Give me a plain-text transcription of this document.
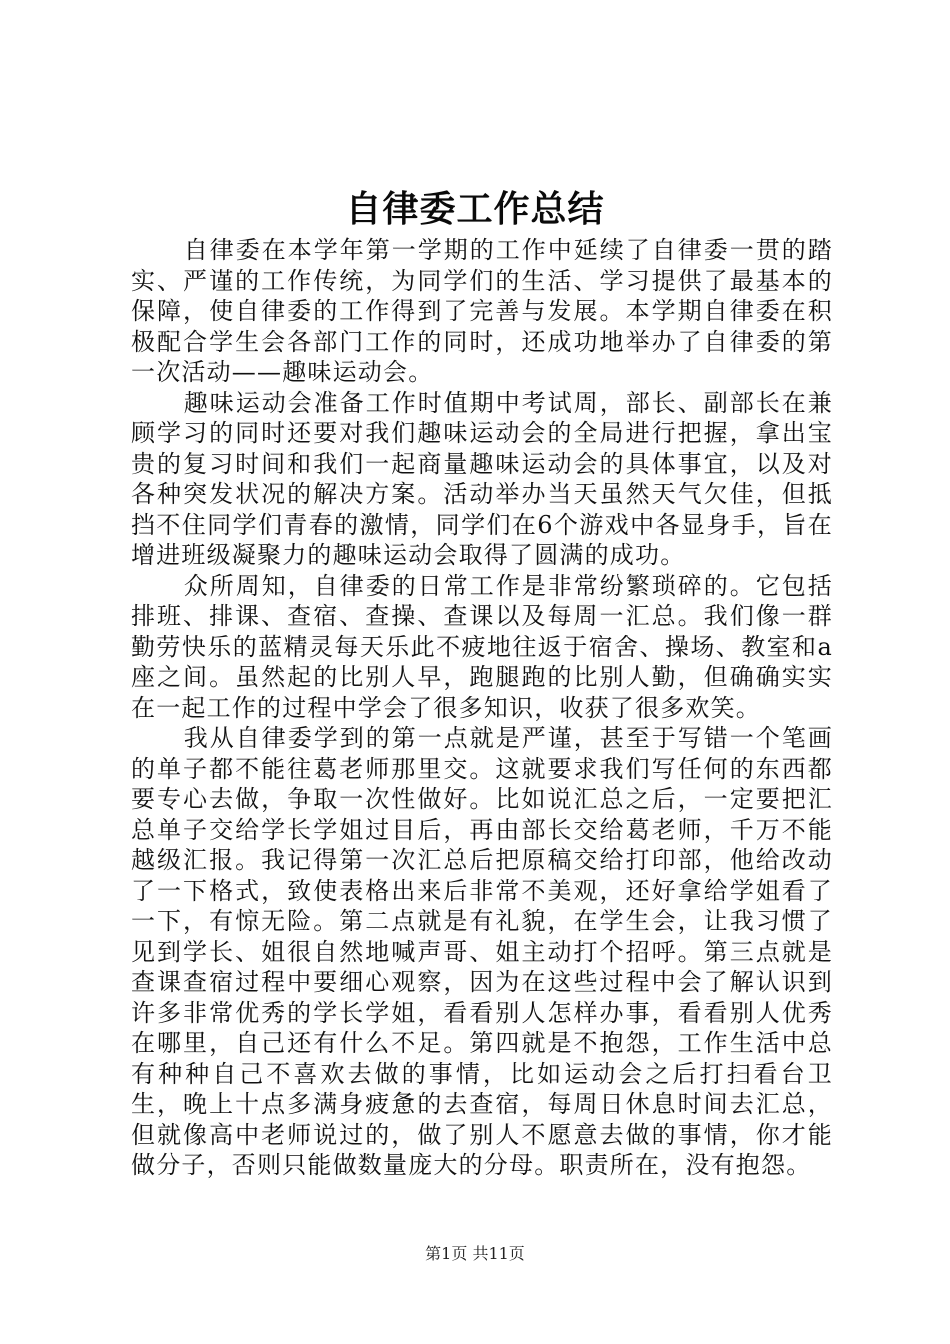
自律委工作总结

自律委在本学年第一学期的工作中延续了自律委一贯的踏实、严谨的工作传统，为同学们的生活、学习提供了最基本的保障，使自律委的工作得到了完善与发展。本学期自律委在积极配合学生会各部门工作的同时，还成功地举办了自律委的第一次活动——趣味运动会。

趣味运动会准备工作时值期中考试周，部长、副部长在兼顾学习的同时还要对我们趣味运动会的全局进行把握，拿出宝贵的复习时间和我们一起商量趣味运动会的具体事宜，以及对各种突发状况的解决方案。活动举办当天虽然天气欠佳，但抵挡不住同学们青春的激情，同学们在6个游戏中各显身手，旨在增进班级凝聚力的趣味运动会取得了圆满的成功。

众所周知，自律委的日常工作是非常纷繁琐碎的。它包括排班、排课、查宿、查操、查课以及每周一汇总。我们像一群勤劳快乐的蓝精灵每天乐此不疲地往返于宿舍、操场、教室和a座之间。虽然起的比别人早，跑腿跑的比别人勤，但确确实实在一起工作的过程中学会了很多知识，收获了很多欢笑。

我从自律委学到的第一点就是严谨，甚至于写错一个笔画的单子都不能往葛老师那里交。这就要求我们写任何的东西都要专心去做，争取一次性做好。比如说汇总之后，一定要把汇总单子交给学长学姐过目后，再由部长交给葛老师，千万不能越级汇报。我记得第一次汇总后把原稿交给打印部，他给改动了一下格式，致使表格出来后非常不美观，还好拿给学姐看了一下，有惊无险。第二点就是有礼貌，在学生会，让我习惯了见到学长、姐很自然地喊声哥、姐主动打个招呼。第三点就是查课查宿过程中要细心观察，因为在这些过程中会了解认识到许多非常优秀的学长学姐，看看别人怎样办事，看看别人优秀在哪里，自己还有什么不足。第四就是不抱怨，工作生活中总有种种自己不喜欢去做的事情，比如运动会之后打扫看台卫生，晚上十点多满身疲惫的去查宿，每周日休息时间去汇总，但就像高中老师说过的，做了别人不愿意去做的事情，你才能做分子，否则只能做数量庞大的分母。职责所在，没有抱怨。

第1页 共11页
